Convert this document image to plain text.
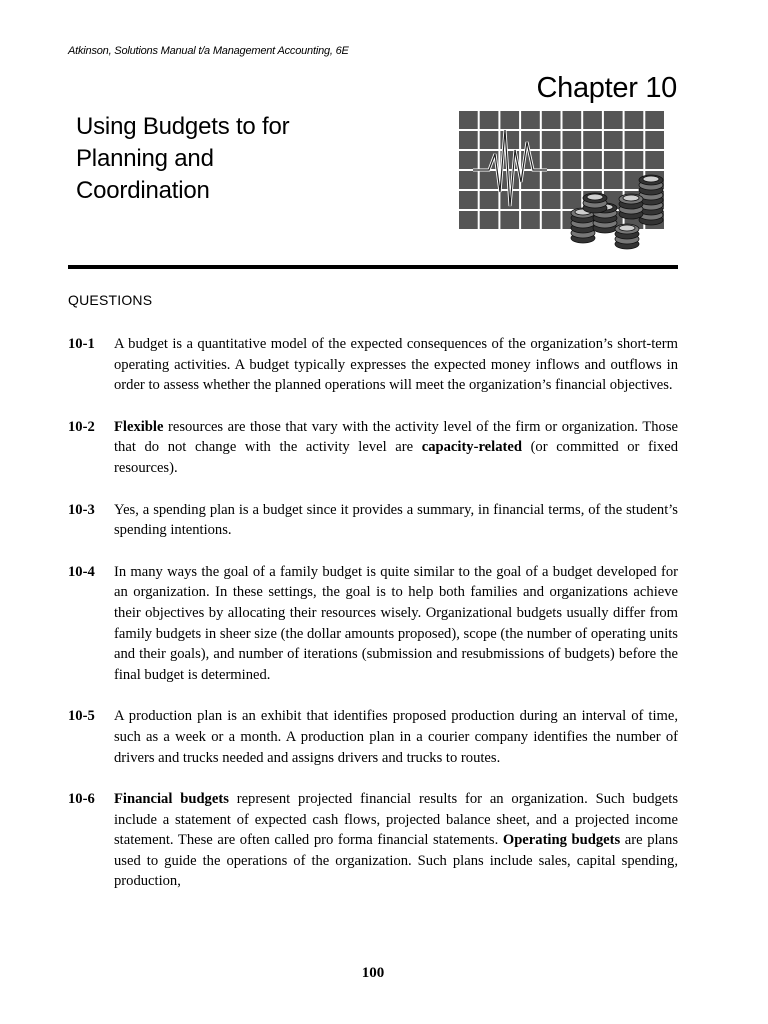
Atkinson, Solutions Manual t/a Management Accounting, 6E
Chapter 10
Using Budgets to for
Planning and
Coordination
QUESTIONS
10-1 A budget is a quantitative model of the expected consequences of the organization’s short-term operating activities. A budget typically expresses the expected money inflows and outflows in order to assess whether the planned operations will meet the organization’s financial objectives.
10-2 Flexible resources are those that vary with the activity level of the firm or organization. Those that do not change with the activity level are capacity-related (or committed or fixed resources).
10-3 Yes, a spending plan is a budget since it provides a summary, in financial terms, of the student’s spending intentions.
10-4 In many ways the goal of a family budget is quite similar to the goal of a budget developed for an organization. In these settings, the goal is to help both families and organizations achieve their objectives by allocating their resources wisely. Organizational budgets usually differ from family budgets in sheer size (the dollar amounts proposed), scope (the number of operating units and their goals), and number of iterations (submission and resubmissions of budgets) before the final budget is determined.
10-5 A production plan is an exhibit that identifies proposed production during an interval of time, such as a week or a month. A production plan in a courier company identifies the number of drivers and trucks needed and assigns drivers and trucks to routes.
10-6 Financial budgets represent projected financial results for an organization. Such budgets include a statement of expected cash flows, projected balance sheet, and a projected income statement. These are often called pro forma financial statements. Operating budgets are plans used to guide the operations of the organization. Such plans include sales, capital spending, production,
100
